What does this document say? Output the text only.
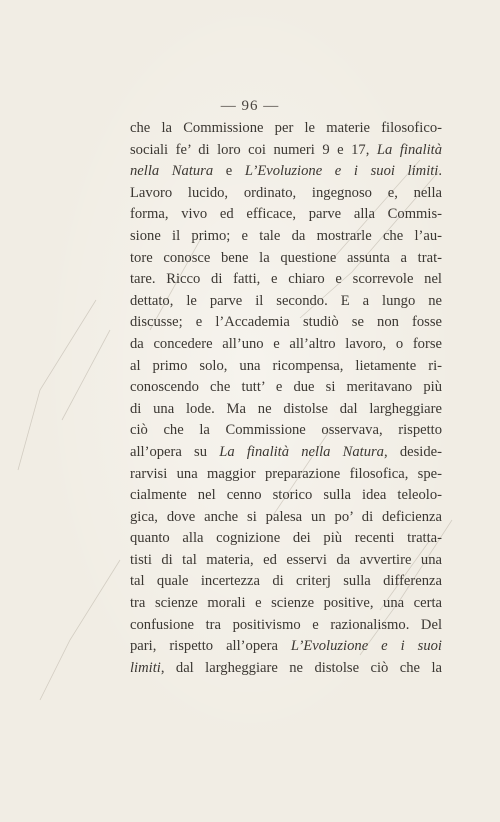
— 96 —
che la Commissione per le materie filosofico-
sociali fe’ di loro coi numeri 9 e 17, La finalità
nella Natura e L’Evoluzione e i suoi limiti.
Lavoro lucido, ordinato, ingegnoso e, nella
forma, vivo ed efficace, parve alla Commis-
sione il primo; e tale da mostrarle che l’au-
tore conosce bene la questione assunta a trat-
tare. Ricco di fatti, e chiaro e scorrevole nel
dettato, le parve il secondo. E a lungo ne
discusse; e l’Accademia studiò se non fosse
da concedere all’uno e all’altro lavoro, o forse
al primo solo, una ricompensa, lietamente ri-
conoscendo che tutt’ e due si meritavano più
di una lode. Ma ne distolse dal largheggiare
ciò che la Commissione osservava, rispetto
all’opera su La finalità nella Natura, deside-
rarvisi una maggior preparazione filosofica, spe-
cialmente nel cenno storico sulla idea teleolo-
gica, dove anche si palesa un po’ di deficienza
quanto alla cognizione dei più recenti tratta-
tisti di tal materia, ed esservi da avvertire una
tal quale incertezza di criterj sulla differenza
tra scienze morali e scienze positive, una certa
confusione tra positivismo e razionalismo. Del
pari, rispetto all’opera L’Evoluzione e i suoi
limiti, dal largheggiare ne distolse ciò che la
